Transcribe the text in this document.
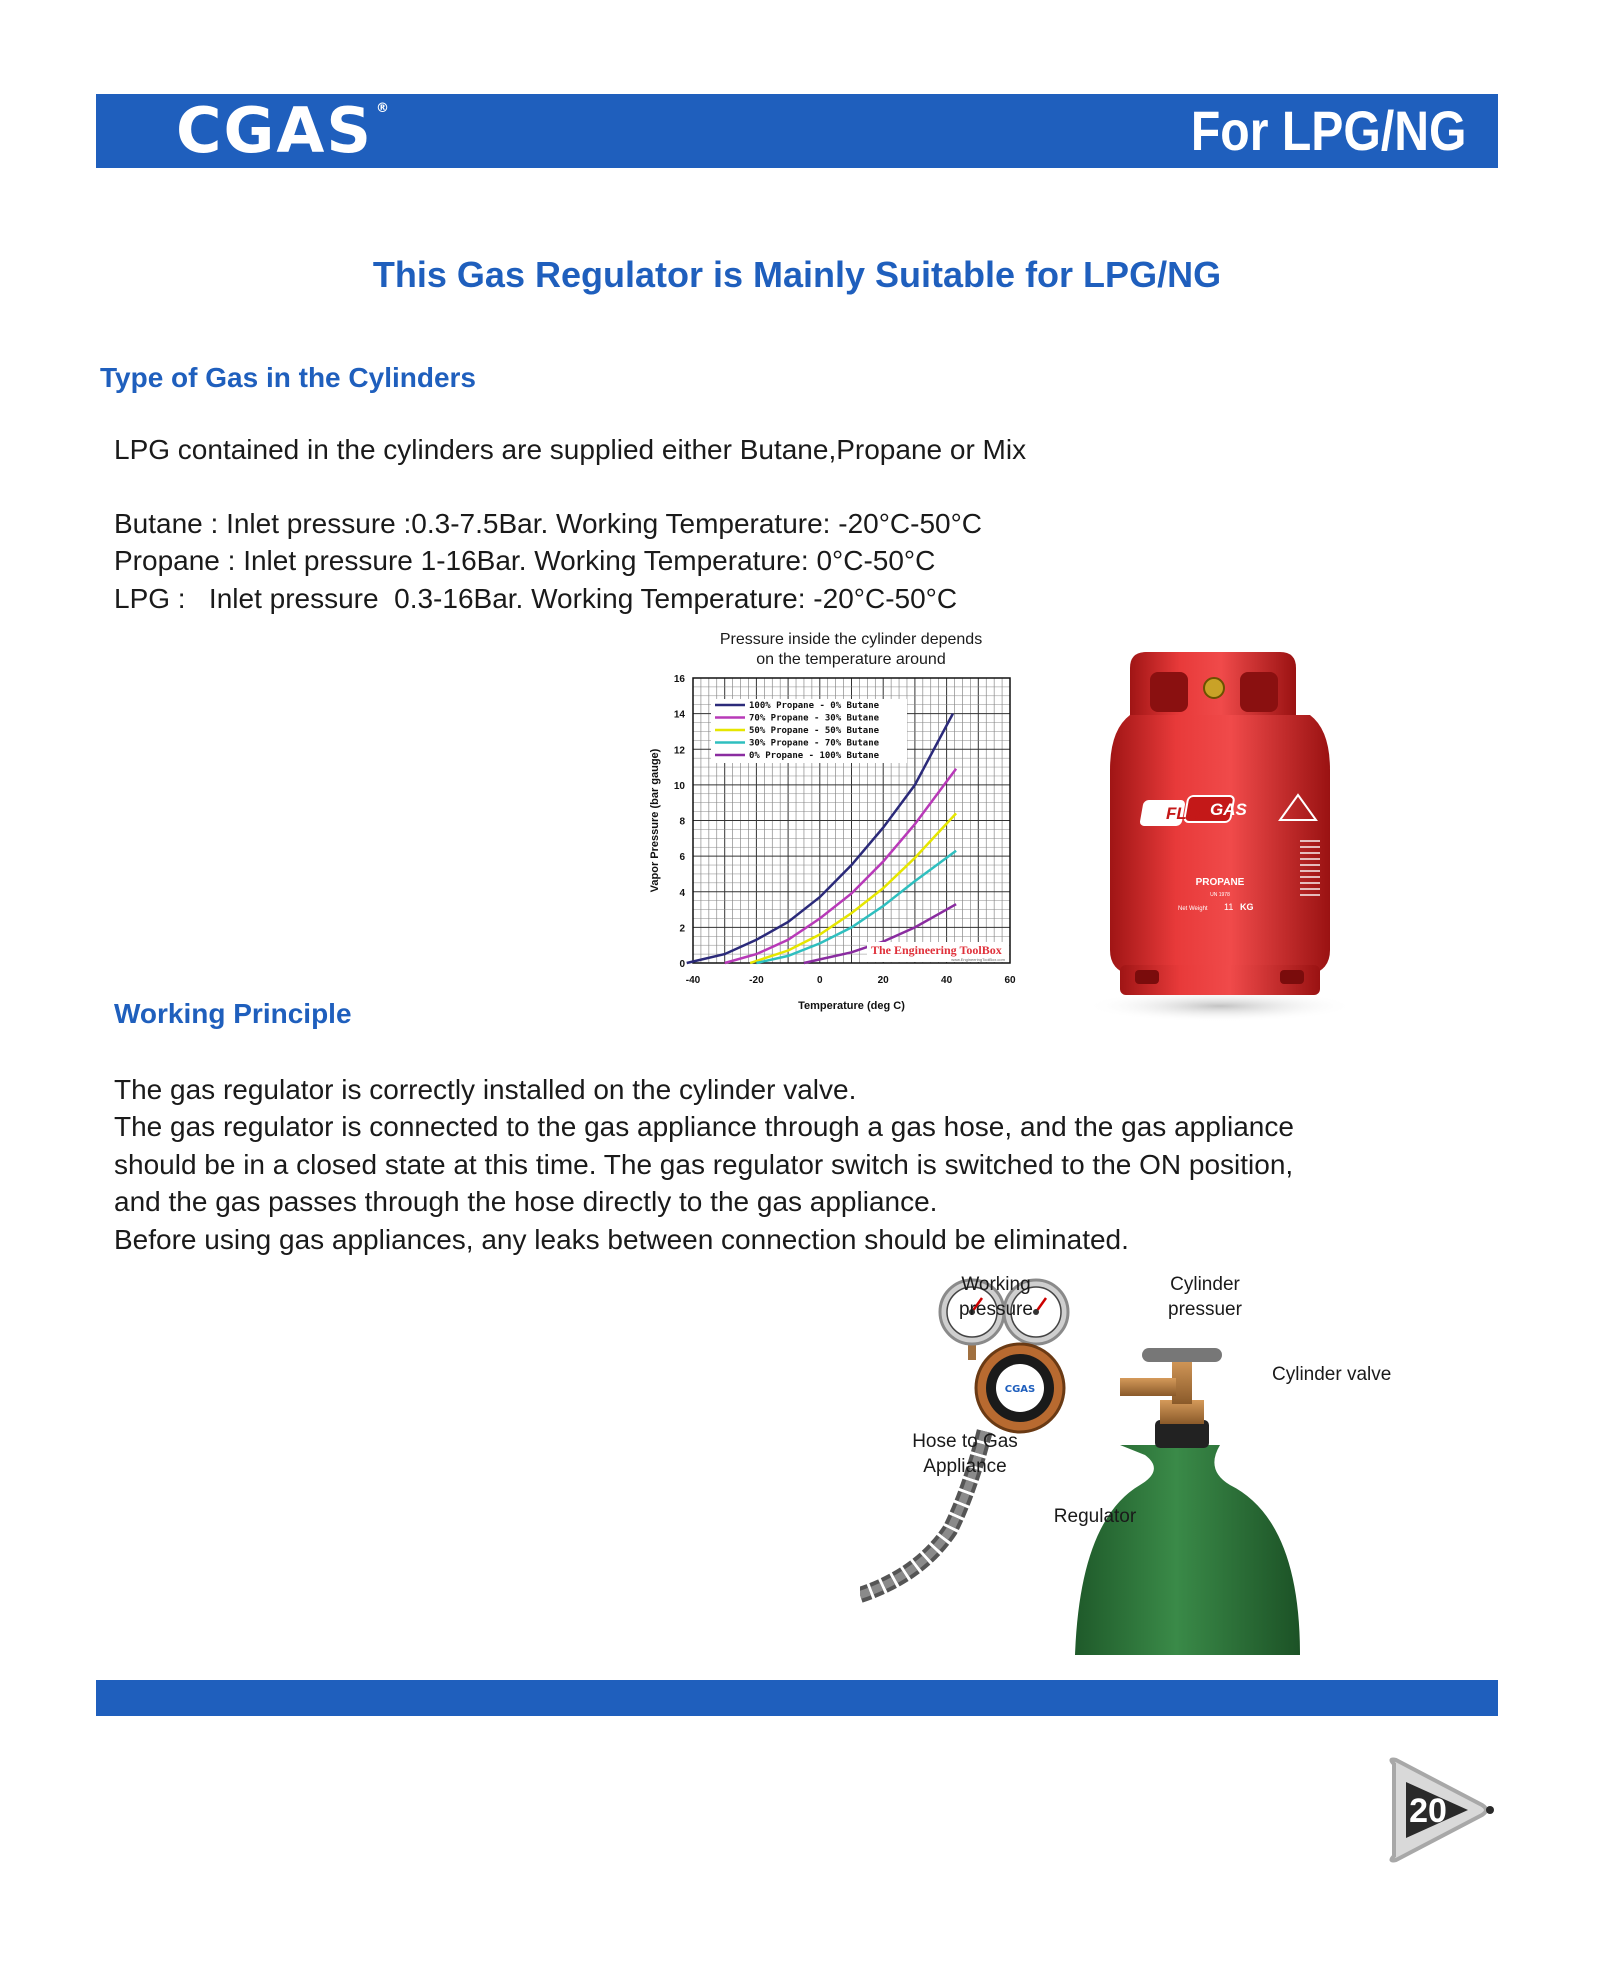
CGAS ®	For LPG/NG
This Gas Regulator is Mainly Suitable for LPG/NG
Type of Gas in the Cylinders
LPG contained in the cylinders are supplied either Butane,Propane or Mix
Butane : Inlet pressure :0.3-7.5Bar. Working Temperature: -20°C-50°C
Propane : Inlet pressure 1-16Bar. Working Temperature: 0°C-50°C
LPG :   Inlet pressure  0.3-16Bar. Working Temperature: -20°C-50°C
Pressure inside the cylinder depends
on the temperature around
-40	-20	0	20	40	60
0
2
4
6
8
10
12
14
16
Temperature (deg C)
Vapor Pressure (bar gauge)
100% Propane - 0% Butane
70% Propane - 30% Butane
50% Propane - 50% Butane
30% Propane - 70% Butane
0% Propane - 100% Butane
The Engineering ToolBox
www.EngineeringToolBox.com
FLO GAS
PROPANE
UN 1978
Net Weight 11 KG
Working Principle
The gas regulator is correctly installed on the cylinder valve.
The gas regulator is connected to the gas appliance through a gas hose, and the gas appliance
should be in a closed state at this time. The gas regulator switch is switched to the ON position,
and the gas passes through the hose directly to the gas appliance.
Before using gas appliances, any leaks between connection should be eliminated.
CGAS
Working
pressure
Cylinder
pressuer
Cylinder valve
Hose to Gas
Appliance
Regulator
20
